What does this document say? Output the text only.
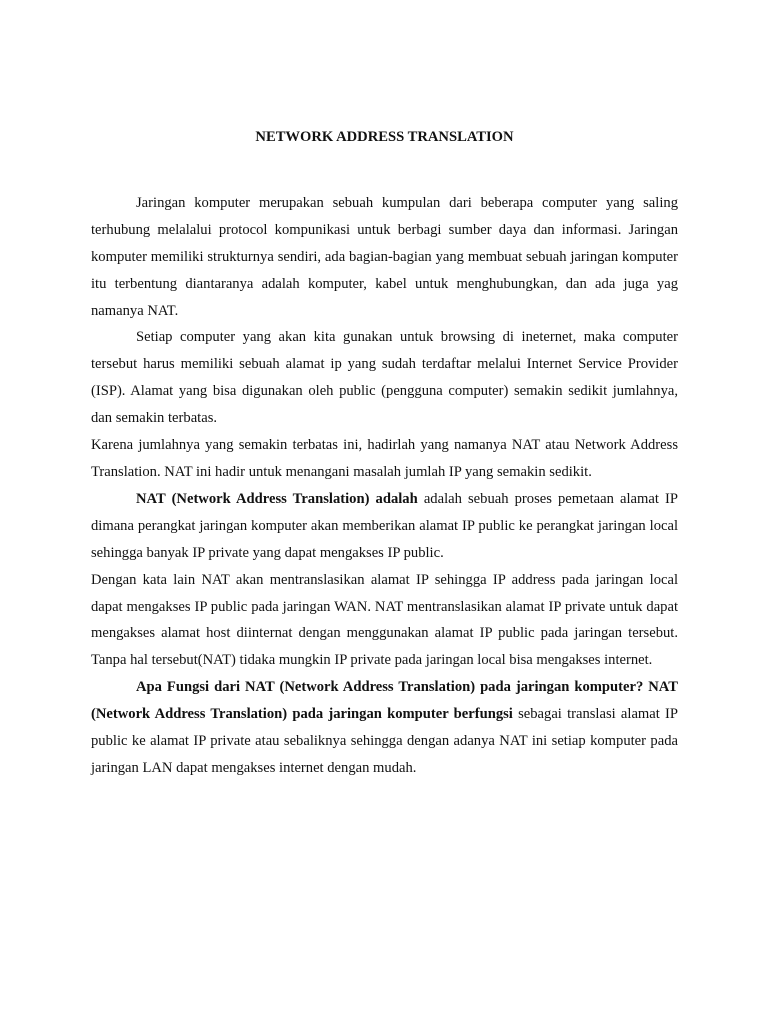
NETWORK ADDRESS TRANSLATION

Jaringan komputer merupakan sebuah kumpulan dari beberapa computer yang saling terhubung melalalui protocol kompunikasi untuk berbagi sumber daya dan informasi. Jaringan komputer memiliki strukturnya sendiri, ada bagian-bagian yang membuat sebuah jaringan komputer itu terbentung diantaranya adalah komputer, kabel untuk menghubungkan, dan ada juga yag namanya NAT.

Setiap computer yang akan kita gunakan untuk browsing di ineternet, maka computer tersebut harus memiliki sebuah alamat ip yang sudah terdaftar melalui Internet Service Provider (ISP). Alamat yang bisa digunakan oleh public (pengguna computer) semakin sedikit jumlahnya, dan semakin terbatas.

Karena jumlahnya yang semakin terbatas ini, hadirlah yang namanya NAT atau Network Address Translation. NAT ini hadir untuk menangani masalah jumlah IP yang semakin sedikit.

NAT (Network Address Translation) adalah adalah sebuah proses pemetaan alamat IP dimana perangkat jaringan komputer akan memberikan alamat IP public ke perangkat jaringan local sehingga banyak IP private yang dapat mengakses IP public.

Dengan kata lain NAT akan mentranslasikan alamat IP sehingga IP address pada jaringan local dapat mengakses IP public pada jaringan WAN. NAT mentranslasikan alamat IP private untuk dapat mengakses alamat host diinternat dengan menggunakan alamat IP public pada jaringan tersebut. Tanpa hal tersebut(NAT) tidaka mungkin IP private pada jaringan local bisa mengakses internet.

Apa Fungsi dari NAT (Network Address Translation) pada jaringan komputer? NAT (Network Address Translation) pada jaringan komputer berfungsi sebagai translasi alamat IP public ke alamat IP private atau sebaliknya sehingga dengan adanya NAT ini setiap komputer pada jaringan LAN dapat mengakses internet dengan mudah.
